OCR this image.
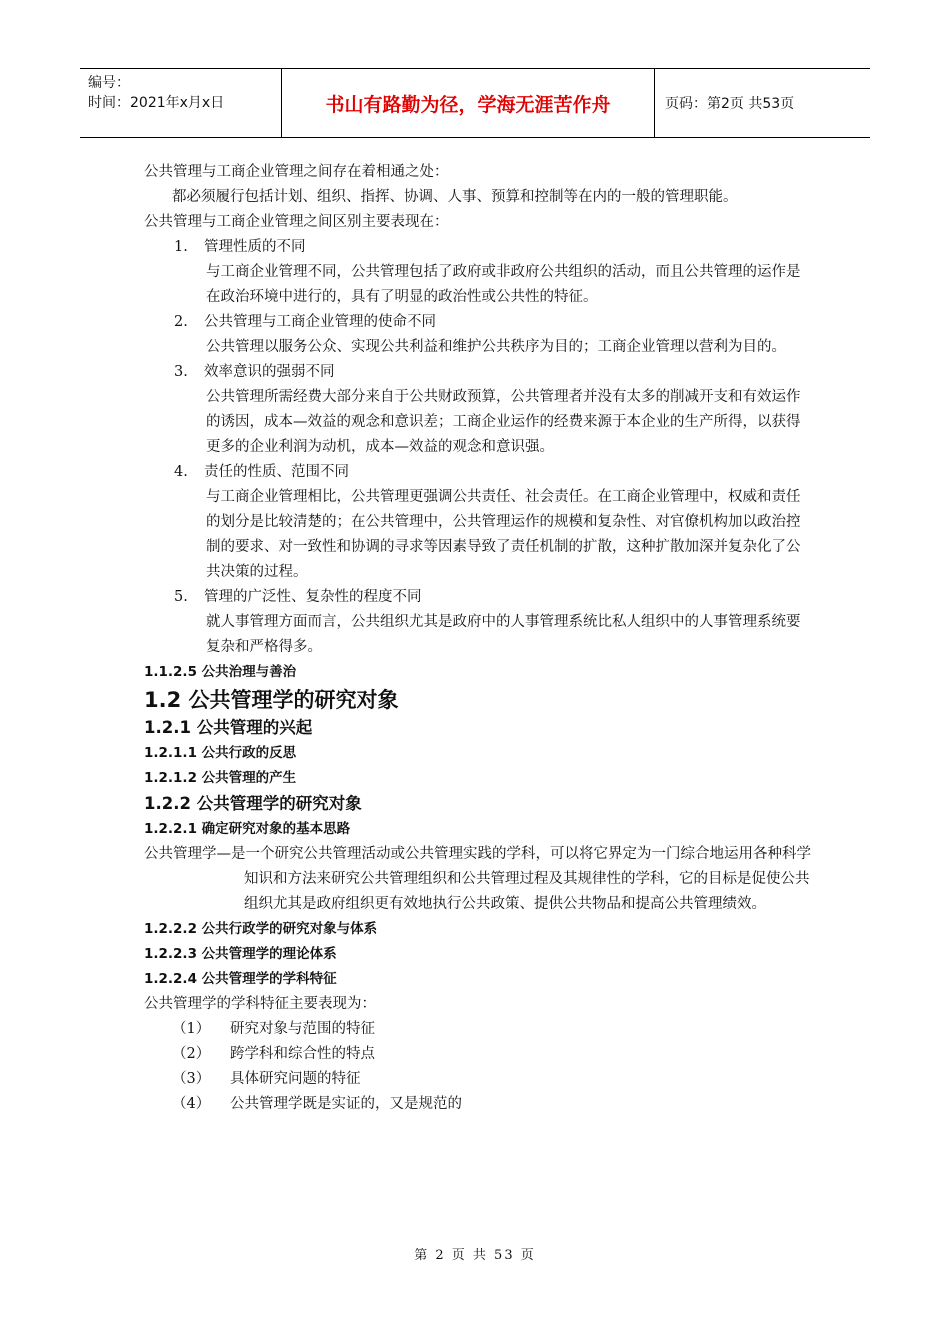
编号：
时间：2021年x月x日	书山有路勤为径，学海无涯苦作舟	页码：第2页 共53页

公共管理与工商企业管理之间存在着相通之处：

都必须履行包括计划、组织、指挥、协调、人事、预算和控制等在内的一般的管理职能。

公共管理与工商企业管理之间区别主要表现在：

1.	管理性质的不同

与工商企业管理不同，公共管理包括了政府或非政府公共组织的活动，而且公共管理的运作是在政治环境中进行的，具有了明显的政治性或公共性的特征。

2.	公共管理与工商企业管理的使命不同

公共管理以服务公众、实现公共利益和维护公共秩序为目的；工商企业管理以营利为目的。

3.	效率意识的强弱不同

公共管理所需经费大部分来自于公共财政预算，公共管理者并没有太多的削减开支和有效运作的诱因，成本—效益的观念和意识差；工商企业运作的经费来源于本企业的生产所得，以获得更多的企业利润为动机，成本—效益的观念和意识强。

4.	责任的性质、范围不同

与工商企业管理相比，公共管理更强调公共责任、社会责任。在工商企业管理中，权威和责任的划分是比较清楚的；在公共管理中，公共管理运作的规模和复杂性、对官僚机构加以政治控制的要求、对一致性和协调的寻求等因素导致了责任机制的扩散，这种扩散加深并复杂化了公共决策的过程。

5.	管理的广泛性、复杂性的程度不同

就人事管理方面而言，公共组织尤其是政府中的人事管理系统比私人组织中的人事管理系统要复杂和严格得多。

1.1.2.5 公共治理与善治

1.2 公共管理学的研究对象

1.2.1 公共管理的兴起

1.2.1.1 公共行政的反思

1.2.1.2 公共管理的产生

1.2.2 公共管理学的研究对象

1.2.2.1 确定研究对象的基本思路

公共管理学—是一个研究公共管理活动或公共管理实践的学科，可以将它界定为一门综合地运用各种科学知识和方法来研究公共管理组织和公共管理过程及其规律性的学科，它的目标是促使公共组织尤其是政府组织更有效地执行公共政策、提供公共物品和提高公共管理绩效。

1.2.2.2 公共行政学的研究对象与体系

1.2.2.3 公共管理学的理论体系

1.2.2.4 公共管理学的学科特征

公共管理学的学科特征主要表现为：

（1）	研究对象与范围的特征
（2）	跨学科和综合性的特点
（3）	具体研究问题的特征
（4）	公共管理学既是实证的，又是规范的
第 2 页 共 53 页
